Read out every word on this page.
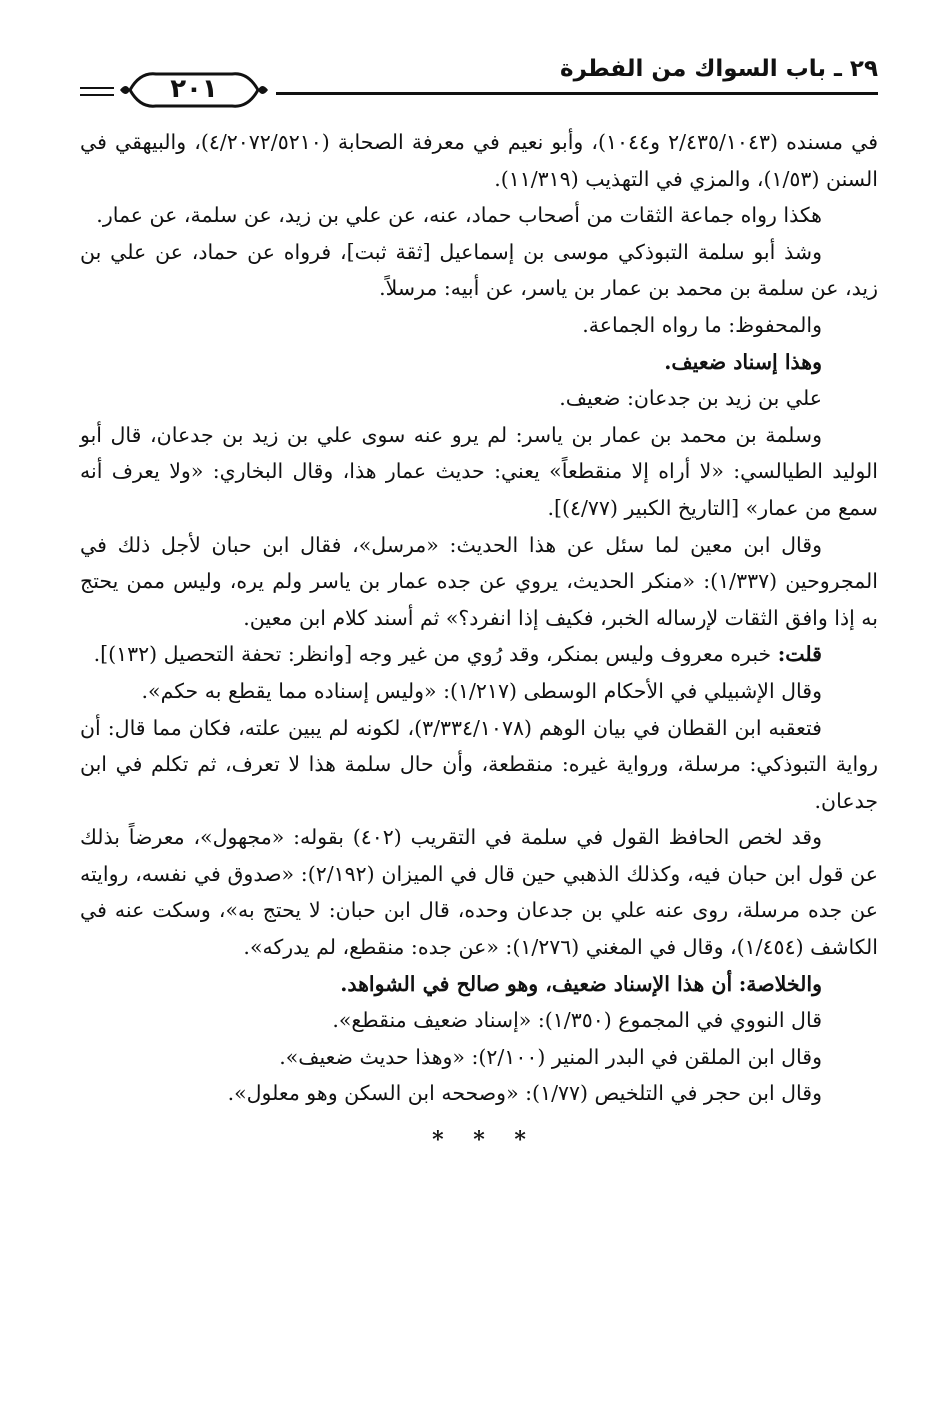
٢٩ ـ باب السواك من الفطرة
٢٠١

في مسنده (٢/٤٣٥/١٠٤٣ و١٠٤٤)، وأبو نعيم في معرفة الصحابة (٤/٢٠٧٢/٥٢١٠)، والبيهقي في السنن (١/٥٣)، والمزي في التهذيب (١١/٣١٩).

هكذا رواه جماعة الثقات من أصحاب حماد، عنه، عن علي بن زيد، عن سلمة، عن عمار.

وشذ أبو سلمة التبوذكي موسى بن إسماعيل [ثقة ثبت]، فرواه عن حماد، عن علي بن زيد، عن سلمة بن محمد بن عمار بن ياسر، عن أبيه: مرسلاً.

والمحفوظ: ما رواه الجماعة.

وهذا إسناد ضعيف.

علي بن زيد بن جدعان: ضعيف.

وسلمة بن محمد بن عمار بن ياسر: لم يرو عنه سوى علي بن زيد بن جدعان، قال أبو الوليد الطيالسي: «لا أراه إلا منقطعاً» يعني: حديث عمار هذا، وقال البخاري: «ولا يعرف أنه سمع من عمار» [التاريخ الكبير (٤/٧٧)].

وقال ابن معين لما سئل عن هذا الحديث: «مرسل»، فقال ابن حبان لأجل ذلك في المجروحين (١/٣٣٧): «منكر الحديث، يروي عن جده عمار بن ياسر ولم يره، وليس ممن يحتج به إذا وافق الثقات لإرساله الخبر، فكيف إذا انفرد؟» ثم أسند كلام ابن معين.

قلت: خبره معروف وليس بمنكر، وقد رُوي من غير وجه [وانظر: تحفة التحصيل (١٣٢)].

وقال الإشبيلي في الأحكام الوسطى (١/٢١٧): «وليس إسناده مما يقطع به حكم».

فتعقبه ابن القطان في بيان الوهم (٣/٣٣٤/١٠٧٨)، لكونه لم يبين علته، فكان مما قال: أن رواية التبوذكي: مرسلة، ورواية غيره: منقطعة، وأن حال سلمة هذا لا تعرف، ثم تكلم في ابن جدعان.

وقد لخص الحافظ القول في سلمة في التقريب (٤٠٢) بقوله: «مجهول»، معرضاً بذلك عن قول ابن حبان فيه، وكذلك الذهبي حين قال في الميزان (٢/١٩٢): «صدوق في نفسه، روايته عن جده مرسلة، روى عنه علي بن جدعان وحده، قال ابن حبان: لا يحتج به»، وسكت عنه في الكاشف (١/٤٥٤)، وقال في المغني (١/٢٧٦): «عن جده: منقطع، لم يدركه».

والخلاصة: أن هذا الإسناد ضعيف، وهو صالح في الشواهد.

قال النووي في المجموع (١/٣٥٠): «إسناد ضعيف منقطع».

وقال ابن الملقن في البدر المنير (٢/١٠٠): «وهذا حديث ضعيف».

وقال ابن حجر في التلخيص (١/٧٧): «وصححه ابن السكن وهو معلول».

* * *
